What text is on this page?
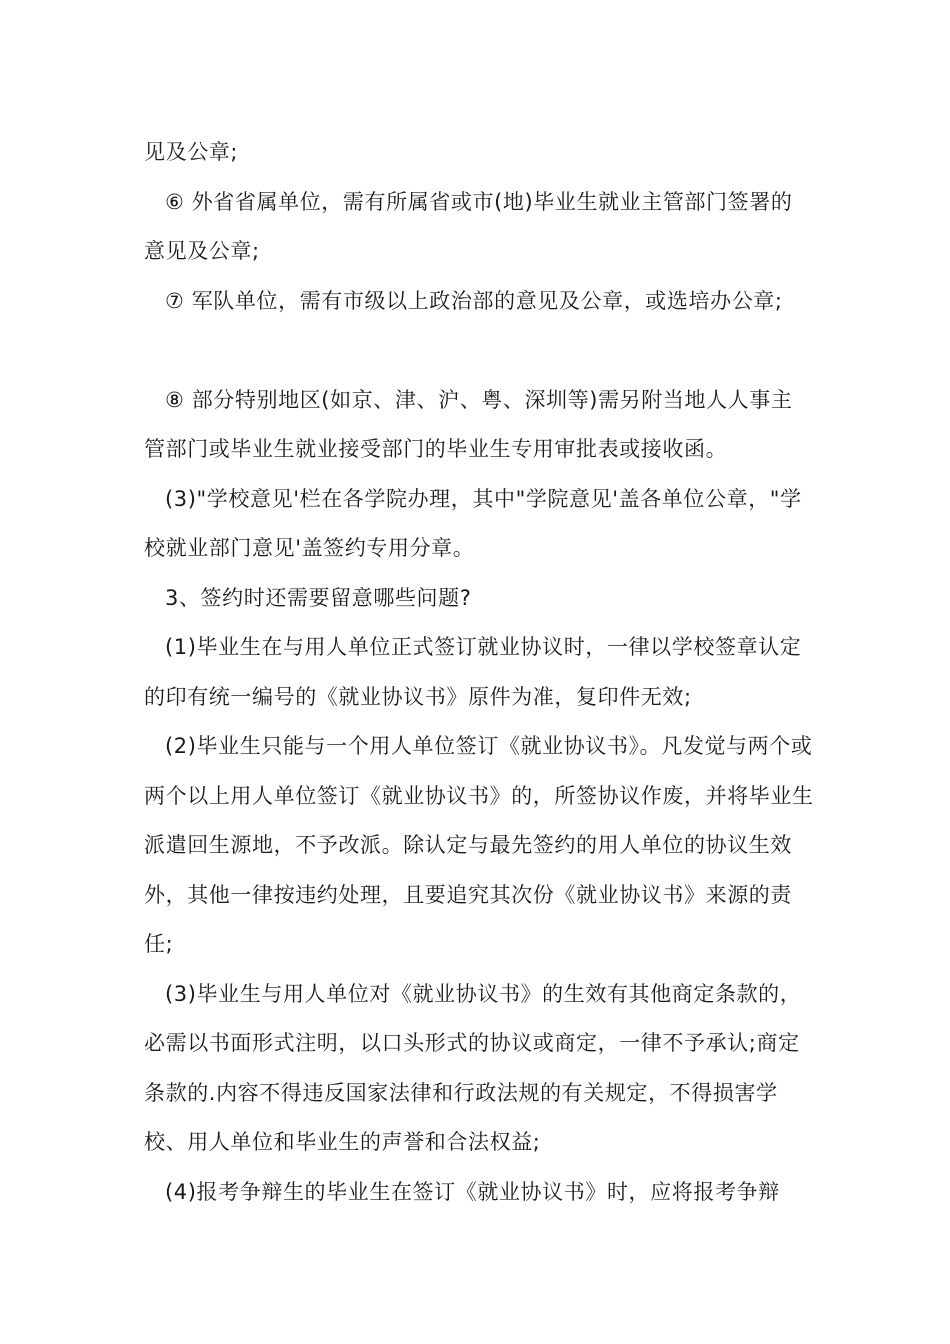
见及公章;

⑥ 外省省属单位，需有所属省或市(地)毕业生就业主管部门签署的意见及公章;

⑦ 军队单位，需有市级以上政治部的意见及公章，或选培办公章;

⑧ 部分特别地区(如京、津、沪、粤、深圳等)需另附当地人人事主管部门或毕业生就业接受部门的毕业生专用审批表或接收函。

(3)"学校意见'栏在各学院办理，其中"学院意见'盖各单位公章，"学校就业部门意见'盖签约专用分章。

3、签约时还需要留意哪些问题?

(1)毕业生在与用人单位正式签订就业协议时，一律以学校签章认定的印有统一编号的《就业协议书》原件为准，复印件无效;

(2)毕业生只能与一个用人单位签订《就业协议书》。凡发觉与两个或两个以上用人单位签订《就业协议书》的，所签协议作废，并将毕业生派遣回生源地，不予改派。除认定与最先签约的用人单位的协议生效外，其他一律按违约处理，且要追究其次份《就业协议书》来源的责任;

(3)毕业生与用人单位对《就业协议书》的生效有其他商定条款的，必需以书面形式注明，以口头形式的协议或商定，一律不予承认;商定条款的.内容不得违反国家法律和行政法规的有关规定，不得损害学校、用人单位和毕业生的声誉和合法权益;

(4)报考争辩生的毕业生在签订《就业协议书》时，应将报考争辩
